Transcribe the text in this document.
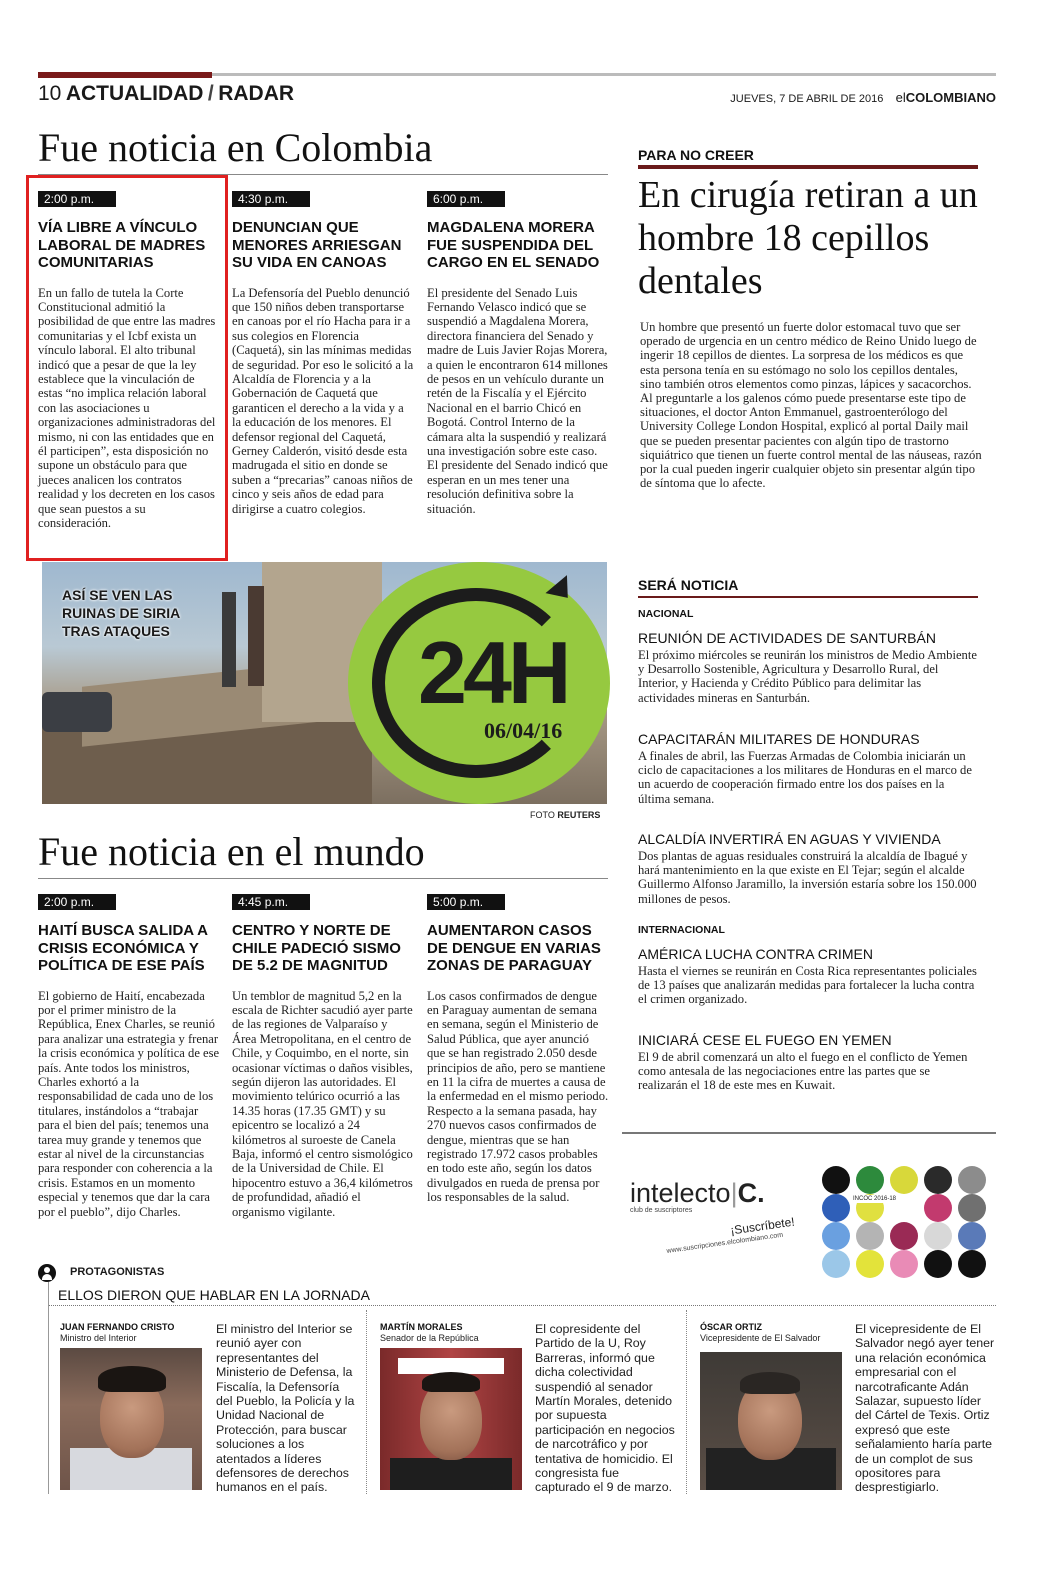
10 ACTUALIDAD / RADAR	JUEVES, 7 DE ABRIL DE 2016 elCOLOMBIANO
Fue noticia en Colombia
2:00 p.m.
VÍA LIBRE A VÍNCULO LABORAL DE MADRES COMUNITARIAS
En un fallo de tutela la Corte Constitucional admitió la posibilidad de que entre las madres comunitarias y el Icbf exista un vínculo laboral. El alto tribunal indicó que a pesar de que la ley establece que la vinculación de estas “no implica relación laboral con las asociaciones u organizaciones administradoras del mismo, ni con las entidades que en él participen”, esta disposición no supone un obstáculo para que jueces analicen los contratos realidad y los decreten en los casos que sean puestos a su consideración.
4:30 p.m.
DENUNCIAN QUE MENORES ARRIESGAN SU VIDA EN CANOAS
La Defensoría del Pueblo denunció que 150 niños deben transportarse en canoas por el río Hacha para ir a sus colegios en Florencia (Caquetá), sin las mínimas medidas de seguridad. Por eso le solicitó a la Alcaldía de Florencia y a la Gobernación de Caquetá que garanticen el derecho a la vida y a la educación de los menores. El defensor regional del Caquetá, Gerney Calderón, visitó desde esta madrugada el sitio en donde se suben a “precarias” canoas niños de cinco y seis años de edad para dirigirse a cuatro colegios.
6:00 p.m.
MAGDALENA MORERA FUE SUSPENDIDA DEL CARGO EN EL SENADO
El presidente del Senado Luis Fernando Velasco indicó que se suspendió a Magdalena Morera, directora financiera del Senado y madre de Luis Javier Rojas Morera, a quien le encontraron 614 millones de pesos en un vehículo durante un retén de la Fiscalía y el Ejército Nacional en el barrio Chicó en Bogotá. Control Interno de la cámara alta la suspendió y realizará una investigación sobre este caso. El presidente del Senado indicó que esperan en un mes tener una resolución definitiva sobre la situación.
PARA NO CREER
En cirugía retiran a un hombre 18 cepillos dentales
Un hombre que presentó un fuerte dolor estomacal tuvo que ser operado de urgencia en un centro médico de Reino Unido luego de ingerir 18 cepillos de dientes. La sorpresa de los médicos es que esta persona tenía en su estómago no solo los cepillos dentales, sino también otros elementos como pinzas, lápices y sacacorchos. Al preguntarle a los galenos cómo puede presentarse este tipo de situaciones, el doctor Anton Emmanuel, gastroenterólogo del University College London Hospital, explicó al portal Daily mail que se pueden presentar pacientes con algún tipo de trastorno siquiátrico que tienen un fuerte control mental de las náuseas, razón por la cual pueden ingerir cualquier objeto sin presentar algún tipo de síntoma que lo afecte.
ASÍ SE VEN LAS
RUINAS DE SIRIA
TRAS ATAQUES	24H
06/04/16
FOTO REUTERS
SERÁ NOTICIA
NACIONAL
REUNIÓN DE ACTIVIDADES DE SANTURBÁN
El próximo miércoles se reunirán los ministros de Medio Ambiente y Desarrollo Sostenible, Agricultura y Desarrollo Rural, del Interior, y Hacienda y Crédito Público para delimitar las actividades mineras en Santurbán.
CAPACITARÁN MILITARES DE HONDURAS
A finales de abril, las Fuerzas Armadas de Colombia iniciarán un ciclo de capacitaciones a los militares de Honduras en el marco de un acuerdo de cooperación firmado entre los dos países en la última semana.
ALCALDÍA INVERTIRÁ EN AGUAS Y VIVIENDA
Dos plantas de aguas residuales construirá la alcaldía de Ibagué y hará mantenimiento en la que existe en El Tejar; según el alcalde Guillermo Alfonso Jaramillo, la inversión estaría sobre los 150.000 millones de pesos.
INTERNACIONAL
AMÉRICA LUCHA CONTRA CRIMEN
Hasta el viernes se reunirán en Costa Rica representantes policiales de 13 países que analizarán medidas para fortalecer la lucha contra el crimen organizado.
INICIARÁ CESE EL FUEGO EN YEMEN
El 9 de abril comenzará un alto el fuego en el conflicto de Yemen como antesala de las negociaciones entre las partes que se realizarán el 18 de este mes en Kuwait.
Fue noticia en el mundo
2:00 p.m.
HAITÍ BUSCA SALIDA A CRISIS ECONÓMICA Y POLÍTICA DE ESE PAÍS
El gobierno de Haití, encabezada por el primer ministro de la República, Enex Charles, se reunió para analizar una estrategia y frenar la crisis económica y política de ese país. Ante todos los ministros, Charles exhortó a la responsabilidad de cada uno de los titulares, instándolos a “trabajar para el bien del país; tenemos una tarea muy grande y tenemos que estar al nivel de la circunstancias para responder con coherencia a la crisis. Estamos en un momento especial y tenemos que dar la cara por el pueblo”, dijo Charles.
4:45 p.m.
CENTRO Y NORTE DE CHILE PADECIÓ SISMO DE 5.2 DE MAGNITUD
Un temblor de magnitud 5,2 en la escala de Richter sacudió ayer parte de las regiones de Valparaíso y Área Metropolitana, en el centro de Chile, y Coquimbo, en el norte, sin ocasionar víctimas o daños visibles, según dijeron las autoridades. El movimiento telúrico ocurrió a las 14.35 horas (17.35 GMT) y su epicentro se localizó a 24 kilómetros al suroeste de Canela Baja, informó el centro sismológico de la Universidad de Chile. El hipocentro estuvo a 36,4 kilómetros de profundidad, añadió el organismo vigilante.
5:00 p.m.
AUMENTARON CASOS DE DENGUE EN VARIAS ZONAS DE PARAGUAY
Los casos confirmados de dengue en Paraguay aumentan de semana en semana, según el Ministerio de Salud Pública, que ayer anunció que se han registrado 2.050 desde principios de año, pero se mantiene en 11 la cifra de muertes a causa de la enfermedad en el mismo periodo. Respecto a la semana pasada, hay 270 nuevos casos confirmados de dengue, mientras que se han registrado 17.972 casos probables en todo este año, según los datos divulgados en rueda de prensa por los responsables de la salud.	intelecto|C.
club de suscriptores
¡Suscríbete!
www.suscripciones.elcolombiano.com
INCOC 2016-18
PROTAGONISTAS
ELLOS DIERON QUE HABLAR EN LA JORNADA
JUAN FERNANDO CRISTO
Ministro del Interior
El ministro del Interior se reunió ayer con representantes del Ministerio de Defensa, la Fiscalía, la Defensoría del Pueblo, la Policía y la Unidad Nacional de Protección, para buscar soluciones a los atentados a líderes defensores de derechos humanos en el país.
MARTÍN MORALES
Senador de la República
El copresidente del Partido de la U, Roy Barreras, informó que dicha colectividad suspendió al senador Martín Morales, detenido por supuesta participación en negocios de narcotráfico y por tentativa de homicidio. El congresista fue capturado el 9 de marzo.
ÓSCAR ORTIZ
Vicepresidente de El Salvador
El vicepresidente de El Salvador negó ayer tener una relación económica empresarial con el narcotraficante Adán Salazar, supuesto líder del Cártel de Texis. Ortiz expresó que este señalamiento haría parte de un complot de sus opositores para desprestigiarlo.
